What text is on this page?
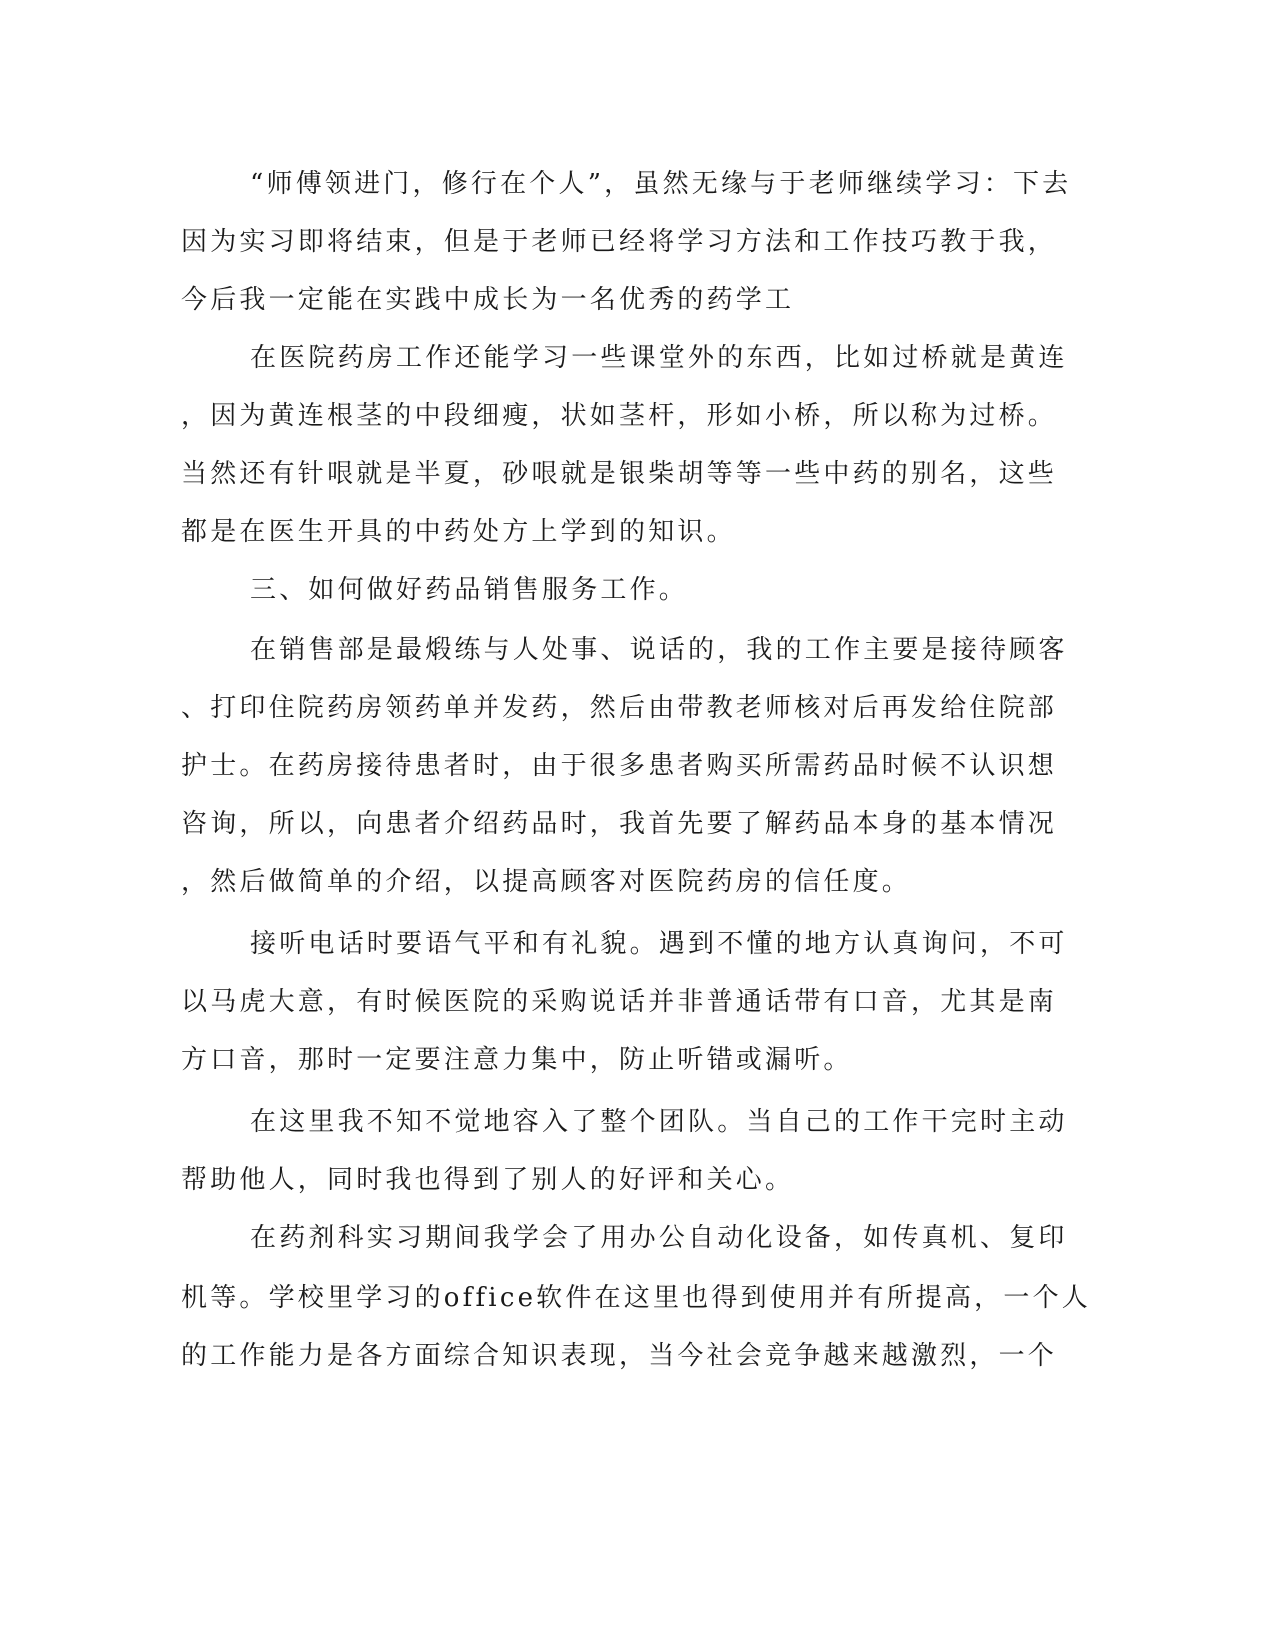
“师傅领进门，修行在个人”，虽然无缘与于老师继续学习：下去

因为实习即将结束，但是于老师已经将学习方法和工作技巧教于我，

今后我一定能在实践中成长为一名优秀的药学工

在医院药房工作还能学习一些课堂外的东西，比如过桥就是黄连

，因为黄连根茎的中段细瘦，状如茎杆，形如小桥，所以称为过桥。

当然还有针哏就是半夏，砂哏就是银柴胡等等一些中药的别名，这些

都是在医生开具的中药处方上学到的知识。

三、如何做好药品销售服务工作。

在销售部是最煅练与人处事、说话的，我的工作主要是接待顾客

、打印住院药房领药单并发药，然后由带教老师核对后再发给住院部

护士。在药房接待患者时，由于很多患者购买所需药品时候不认识想

咨询，所以，向患者介绍药品时，我首先要了解药品本身的基本情况

，然后做简单的介绍，以提高顾客对医院药房的信任度。

接听电话时要语气平和有礼貌。遇到不懂的地方认真询问，不可

以马虎大意，有时候医院的采购说话并非普通话带有口音，尤其是南

方口音，那时一定要注意力集中，防止听错或漏听。

在这里我不知不觉地容入了整个团队。当自己的工作干完时主动

帮助他人，同时我也得到了别人的好评和关心。

在药剂科实习期间我学会了用办公自动化设备，如传真机、复印

机等。学校里学习的office软件在这里也得到使用并有所提高，一个人

的工作能力是各方面综合知识表现，当今社会竞争越来越激烈，一个
